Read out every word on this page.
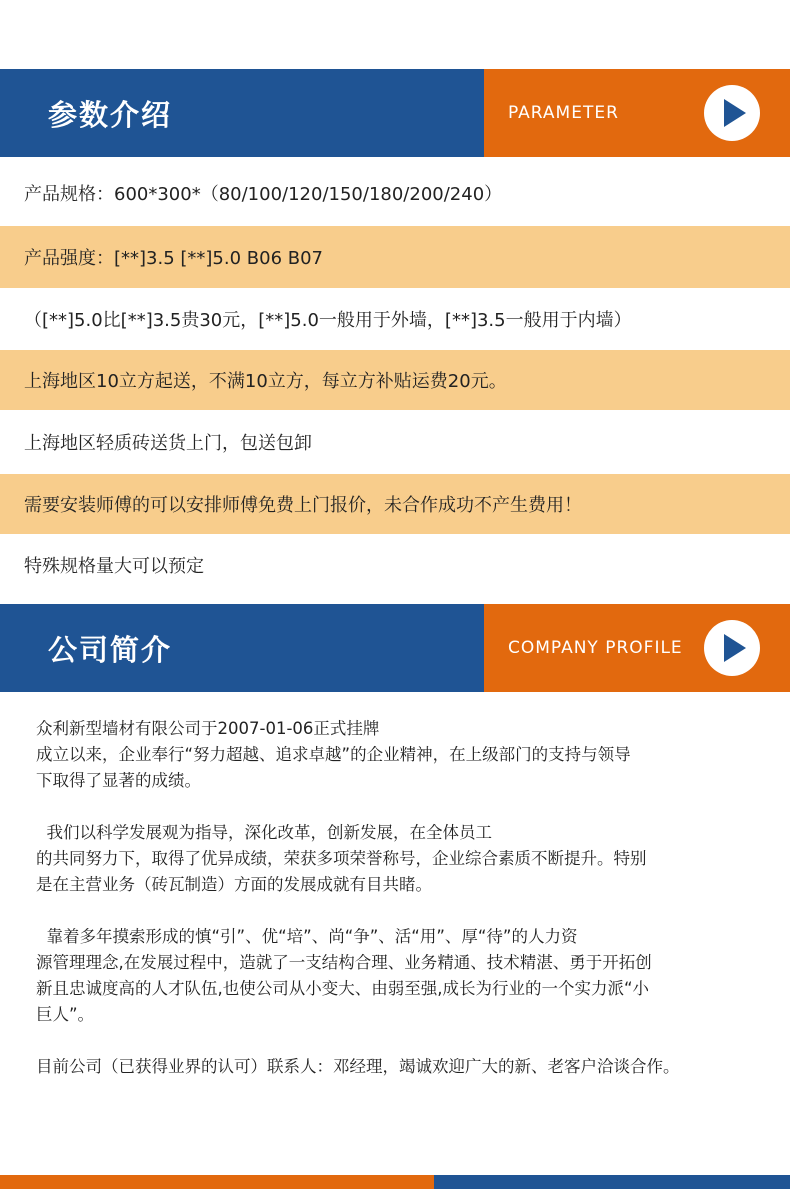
参数介绍	PARAMETER
产品规格：600*300*（80/100/120/150/180/200/240）
产品强度：[**]3.5 [**]5.0 B06 B07
（[**]5.0比[**]3.5贵30元，[**]5.0一般用于外墙，[**]3.5一般用于内墙）
上海地区10立方起送，不满10立方，每立方补贴运费20元。
上海地区轻质砖送货上门，包送包卸
需要安装师傅的可以安排师傅免费上门报价，未合作成功不产生费用！
特殊规格量大可以预定
公司简介	COMPANY PROFILE

众利新型墙材有限公司于2007-01-06正式挂牌
成立以来，企业奉行“努力超越、追求卓越”的企业精神，在上级部门的支持与领导
下取得了显著的成绩。

我们以科学发展观为指导，深化改革，创新发展，在全体员工
的共同努力下，取得了优异成绩，荣获多项荣誉称号，企业综合素质不断提升。特别
是在主营业务（砖瓦制造）方面的发展成就有目共睹。

靠着多年摸索形成的慎“引”、优“培”、尚“争”、活“用”、厚“待”的人力资
源管理理念,在发展过程中，造就了一支结构合理、业务精通、技术精湛、勇于开拓创
新且忠诚度高的人才队伍,也使公司从小变大、由弱至强,成长为行业的一个实力派“小
巨人”。

目前公司（已获得业界的认可）联系人：邓经理，竭诚欢迎广大的新、老客户洽谈合作。
